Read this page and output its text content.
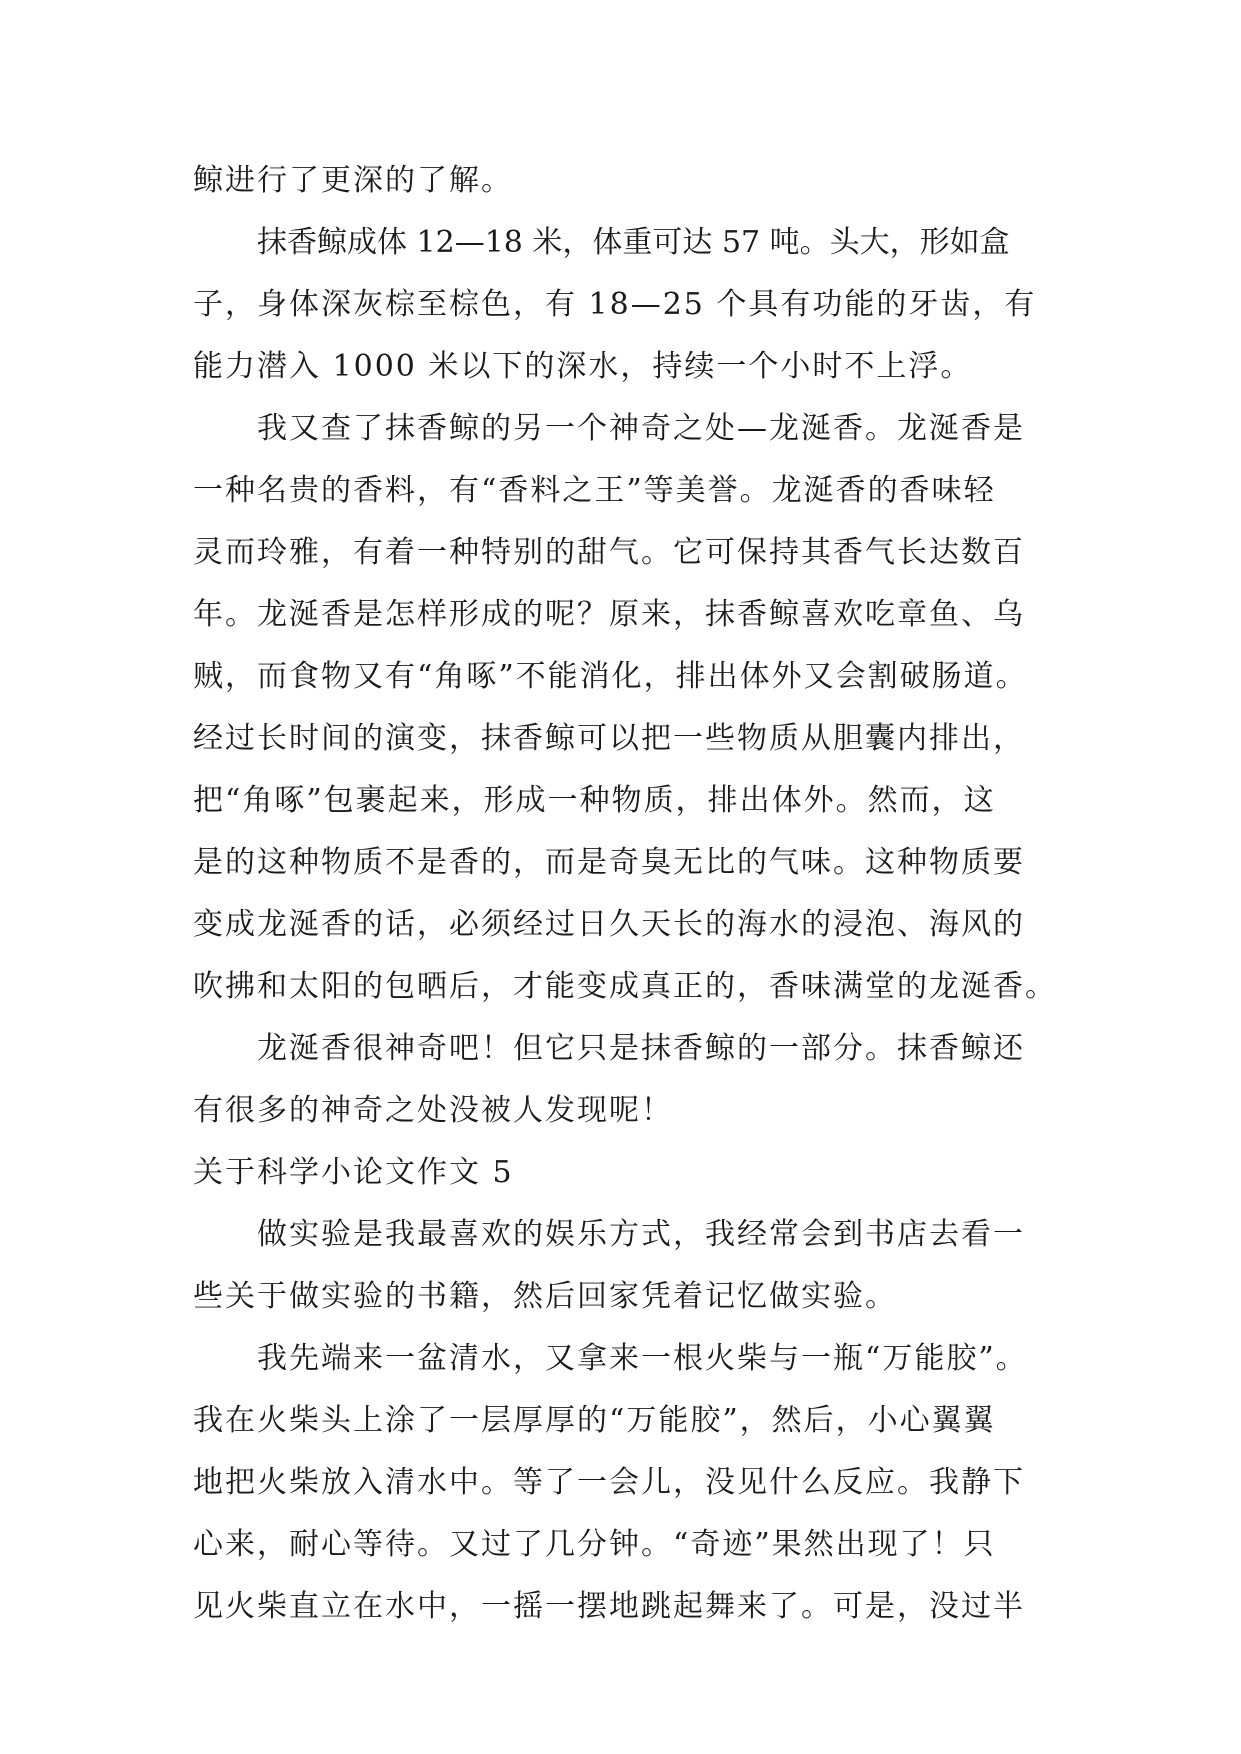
鲸进行了更深的了解。
抹香鲸成体 12—18 米，体重可达 57 吨。头大，形如盒
子，身体深灰棕至棕色，有 18—25 个具有功能的牙齿，有
能力潜入 1000 米以下的深水，持续一个小时不上浮。
我又查了抹香鲸的另一个神奇之处—龙涎香。龙涎香是
一种名贵的香料，有“香料之王”等美誉。龙涎香的香味轻
灵而玲雅，有着一种特别的甜气。它可保持其香气长达数百
年。龙涎香是怎样形成的呢？原来，抹香鲸喜欢吃章鱼、乌
贼，而食物又有“角啄”不能消化，排出体外又会割破肠道。
经过长时间的演变，抹香鲸可以把一些物质从胆囊内排出，
把“角啄”包裹起来，形成一种物质，排出体外。然而，这
是的这种物质不是香的，而是奇臭无比的气味。这种物质要
变成龙涎香的话，必须经过日久天长的海水的浸泡、海风的
吹拂和太阳的包晒后，才能变成真正的，香味满堂的龙涎香。
龙涎香很神奇吧！但它只是抹香鲸的一部分。抹香鲸还
有很多的神奇之处没被人发现呢！
关于科学小论文作文 5
做实验是我最喜欢的娱乐方式，我经常会到书店去看一
些关于做实验的书籍，然后回家凭着记忆做实验。
我先端来一盆清水，又拿来一根火柴与一瓶“万能胶”。
我在火柴头上涂了一层厚厚的“万能胶”，然后，小心翼翼
地把火柴放入清水中。等了一会儿，没见什么反应。我静下
心来，耐心等待。又过了几分钟。“奇迹”果然出现了！只
见火柴直立在水中，一摇一摆地跳起舞来了。可是，没过半
